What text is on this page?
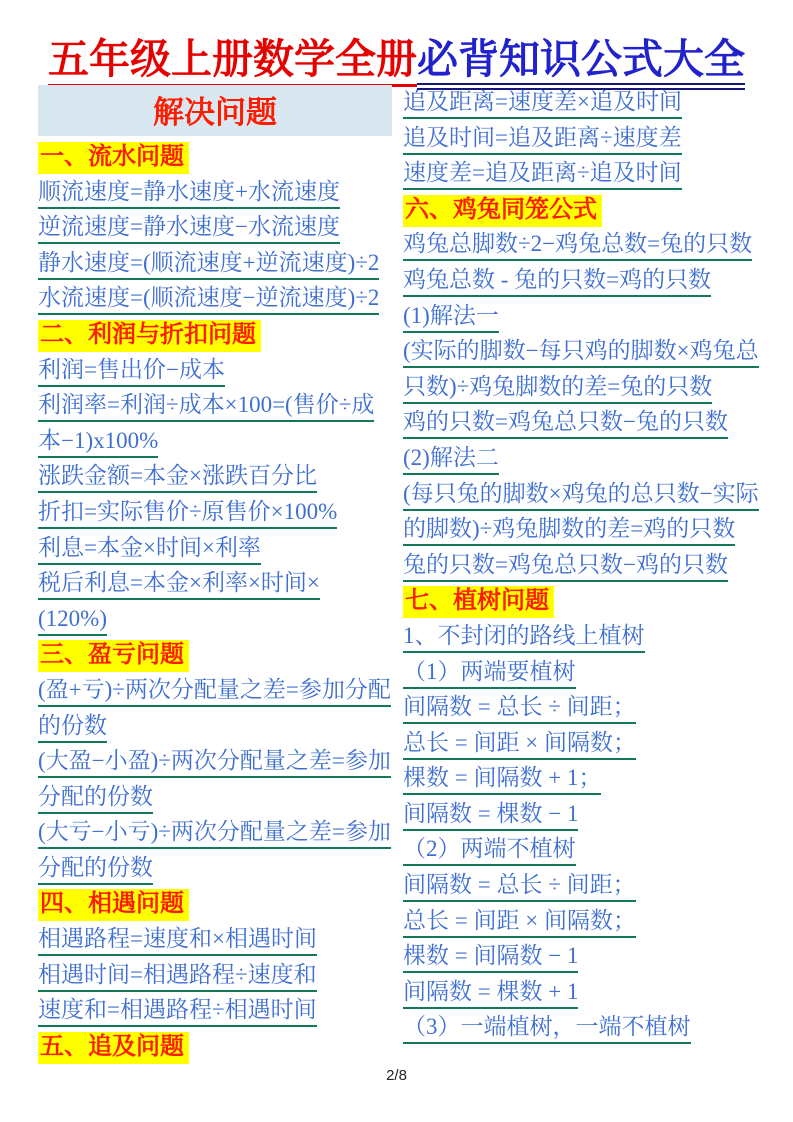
五年级上册数学全册必背知识公式大全
解决问题
一、流水问题
顺流速度=静水速度+水流速度
逆流速度=静水速度−水流速度
静水速度=(顺流速度+逆流速度)÷2
水流速度=(顺流速度−逆流速度)÷2
二、利润与折扣问题
利润=售出价−成本
利润率=利润÷成本×100=(售价÷成
本−1)x100%
涨跌金额=本金×涨跌百分比
折扣=实际售价÷原售价×100%
利息=本金×时间×利率
税后利息=本金×利率×时间×
(120%)
三、盈亏问题
(盈+亏)÷两次分配量之差=参加分配
的份数
(大盈−小盈)÷两次分配量之差=参加
分配的份数
(大亏−小亏)÷两次分配量之差=参加
分配的份数
四、相遇问题
相遇路程=速度和×相遇时间
相遇时间=相遇路程÷速度和
速度和=相遇路程÷相遇时间
五、追及问题
追及距离=速度差×追及时间
追及时间=追及距离÷速度差
速度差=追及距离÷追及时间
六、鸡兔同笼公式
鸡兔总脚数÷2−鸡兔总数=兔的只数
鸡兔总数 - 兔的只数=鸡的只数
(1)解法一
(实际的脚数−每只鸡的脚数×鸡兔总
只数)÷鸡兔脚数的差=兔的只数
鸡的只数=鸡兔总只数−兔的只数
(2)解法二
(每只兔的脚数×鸡兔的总只数−实际
的脚数)÷鸡兔脚数的差=鸡的只数
兔的只数=鸡兔总只数−鸡的只数
七、植树问题
1、不封闭的路线上植树
（1）两端要植树
间隔数 = 总长 ÷ 间距；
总长 = 间距 × 间隔数；
棵数 = 间隔数 + 1；
间隔数 = 棵数 − 1
（2）两端不植树
间隔数 = 总长 ÷ 间距；
总长 = 间距 × 间隔数；
棵数 = 间隔数 − 1
间隔数 = 棵数 + 1
（3）一端植树，一端不植树
2/8
